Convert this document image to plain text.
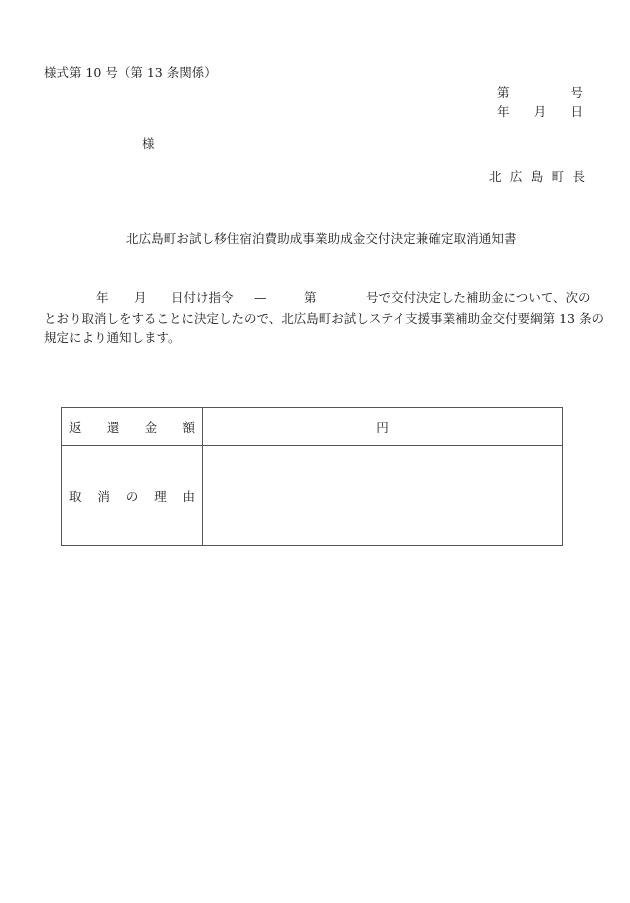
様式第 10 号（第 13 条関係）
第	号
年 月 日
様
北 広 島 町 長
北広島町お試し移住宿泊費助成事業助成金交付決定兼確定取消通知書
年 月 日付け指令 —	第	号で交付決定した補助金について、次の
とおり取消しをすることに決定したので、北広島町お試しステイ支援事業補助金交付要綱第 13 条の
規定により通知します。
返 還 金 額	円

取 消 の 理 由	
